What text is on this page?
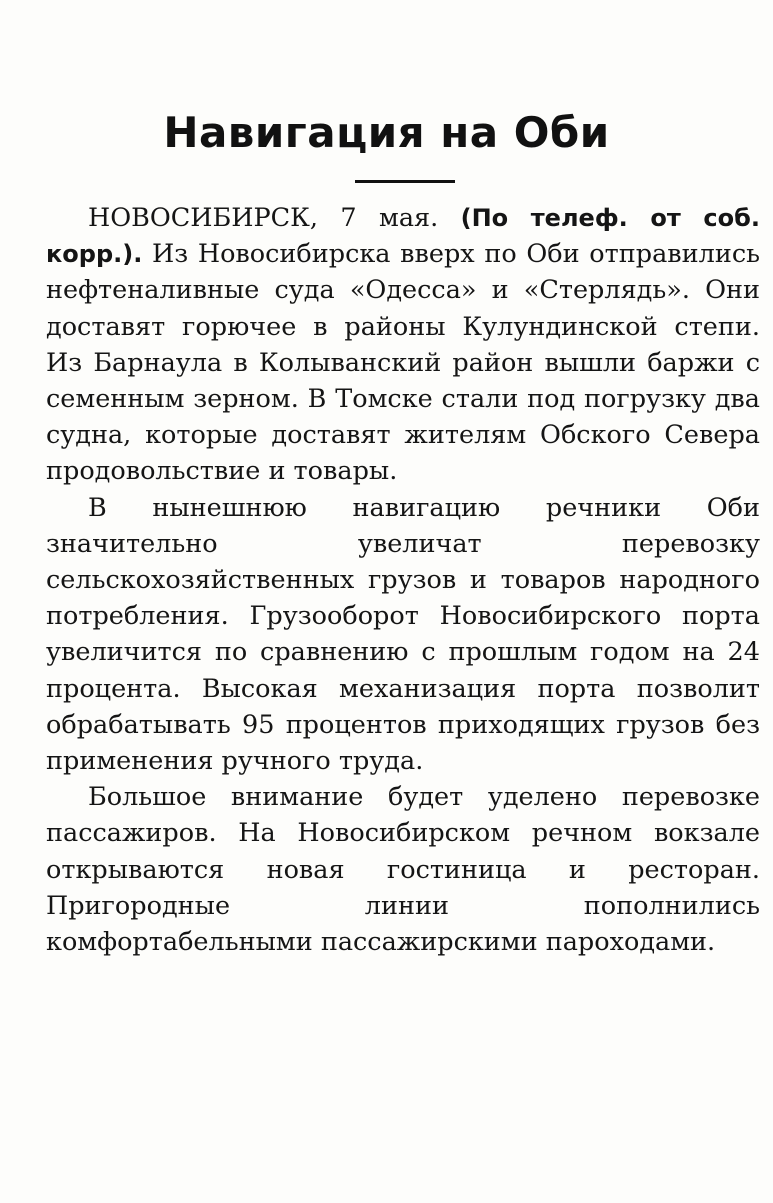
Навигация на Оби

НОВОСИБИРСК, 7 мая. (По телеф. от соб. корр.). Из Новосибирска вверх по Оби отправились нефтеналивные суда «Одесса» и «Стерлядь». Они доставят горючее в районы Кулундинской степи. Из Барнаула в Колыванский район вышли баржи с семенным зерном. В Томске стали под погрузку два судна, которые доставят жителям Обского Севера продовольствие и товары.

В нынешнюю навигацию речники Оби значительно увеличат перевозку сельскохозяйственных грузов и товаров народного потребления. Грузооборот Новосибирского порта увеличится по сравнению с прошлым годом на 24 процента. Высокая механизация порта позволит обрабатывать 95 процентов приходящих грузов без применения ручного труда.

Большое внимание будет уделено перевозке пассажиров. На Новосибирском речном вокзале открываются новая гостиница и ресторан. Пригородные линии пополнились комфортабельными пассажирскими пароходами.
